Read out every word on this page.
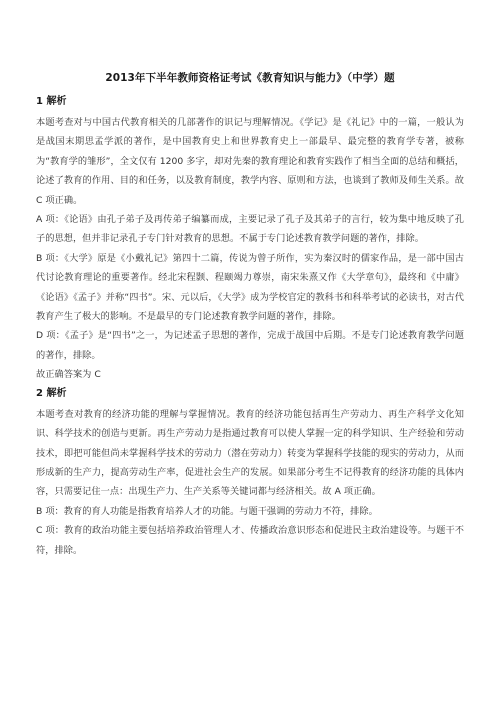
2013年下半年教师资格证考试《教育知识与能力》（中学）题
1 解析

本题考查对与中国古代教育相关的几部著作的识记与理解情况。《学记》是《礼记》中的一篇，一般认为是战国末期思孟学派的著作，是中国教育史上和世界教育史上一部最早、最完整的教育学专著，被称为“教育学的雏形”，全文仅有 1200 多字，却对先秦的教育理论和教育实践作了相当全面的总结和概括，论述了教育的作用、目的和任务，以及教育制度，教学内容、原则和方法，也谈到了教师及师生关系。故 C 项正确。

A 项：《论语》由孔子弟子及再传弟子编纂而成，主要记录了孔子及其弟子的言行，较为集中地反映了孔子的思想，但并非记录孔子专门针对教育的思想。不属于专门论述教育教学问题的著作，排除。

B 项：《大学》原是《小戴礼记》第四十二篇，传说为曾子所作，实为秦汉时的儒家作品，是一部中国古代讨论教育理论的重要著作。经北宋程颢、程颐竭力尊崇，南宋朱熹又作《大学章句》，最终和《中庸》《论语》《孟子》并称“四书”。宋、元以后，《大学》成为学校官定的教科书和科举考试的必读书，对古代教育产生了极大的影响。不是最早的专门论述教育教学问题的著作，排除。

D 项：《孟子》是“四书”之一，为记述孟子思想的著作，完成于战国中后期。不是专门论述教育教学问题的著作，排除。

故正确答案为 C

2 解析

本题考查对教育的经济功能的理解与掌握情况。教育的经济功能包括再生产劳动力、再生产科学文化知识、科学技术的创造与更新。再生产劳动力是指通过教育可以使人掌握一定的科学知识、生产经验和劳动技术，即把可能但尚未掌握科学技术的劳动力（潜在劳动力）转变为掌握科学技能的现实的劳动力，从而形成新的生产力，提高劳动生产率，促进社会生产的发展。如果部分考生不记得教育的经济功能的具体内容，只需要记住一点：出现生产力、生产关系等关键词都与经济相关。故 A 项正确。

B 项：教育的育人功能是指教育培养人才的功能。与题干强调的劳动力不符，排除。

C 项：教育的政治功能主要包括培养政治管理人才、传播政治意识形态和促进民主政治建设等。与题干不符，排除。
